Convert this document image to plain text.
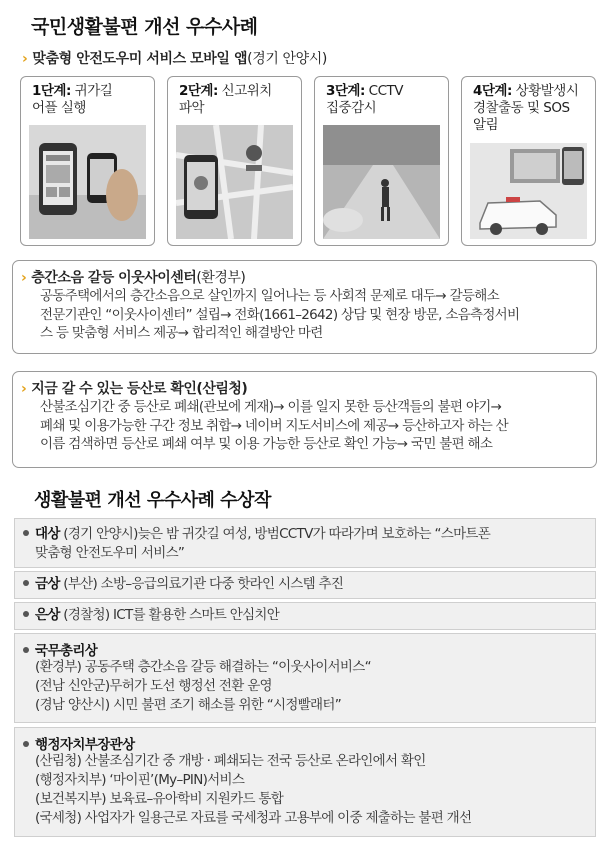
국민생활불편 개선 우수사례
› 맞춤형 안전도우미 서비스 모바일 앱(경기 안양시)
1단계: 귀가길
어플 실행
2단계: 신고위치
파악
3단계: CCTV
집중감시
4단계: 상황발생시
경찰출동 및 SOS
알림
› 층간소음 갈등 이웃사이센터(환경부)
공동주택에서의 층간소음으로 살인까지 일어나는 등 사회적 문제로 대두→ 갈등해소
전문기관인 “이웃사이센터” 설립→ 전화(1661–2642) 상담 및 현장 방문, 소음측정서비
스 등 맞춤형 서비스 제공→ 합리적인 해결방안 마련
› 지금 갈 수 있는 등산로 확인(산림청)
산불조심기간 중 등산로 폐쇄(관보에 게재)→ 이를 일지 못한 등산객들의 불편 야기→
폐쇄 및 이용가능한 구간 정보 취합→ 네이버 지도서비스에 제공→ 등산하고자 하는 산
이름 검색하면 등산로 폐쇄 여부 및 이용 가능한 등산로 확인 가능→ 국민 불편 해소
생활불편 개선 우수사례 수상작
대상 (경기 안양시)늦은 밤 귀갓길 여성, 방범CCTV가 따라가며 보호하는 “스마트폰
맞춤형 안전도우미 서비스”
금상 (부산) 소방–응급의료기관 다중 핫라인 시스템 추진
은상 (경찰청) ICT를 활용한 스마트 안심치안
국무총리상
(환경부) 공동주택 층간소음 갈등 해결하는 “이웃사이서비스“
(전남 신안군)무허가 도선 행정선 전환 운영
(경남 양산시) 시민 불편 조기 해소를 위한 “시정빨래터”
행정자치부장관상
(산림청) 산불조심기간 중 개방 · 폐쇄되는 전국 등산로 온라인에서 확인
(행정자치부) ‘마이핀’(My–PIN)서비스
(보건복지부) 보육료–유아학비 지원카드 통합
(국세청) 사업자가 일용근로 자료를 국세청과 고용부에 이중 제출하는 불편 개선
